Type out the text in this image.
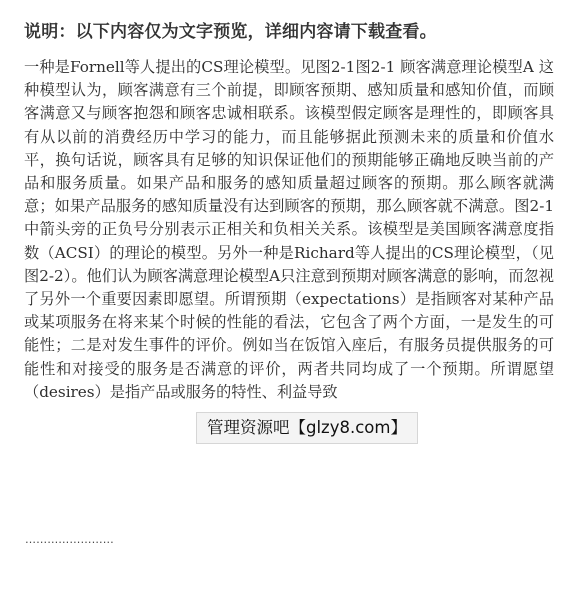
说明：以下内容仅为文字预览，详细内容请下载查看。

一种是Fornell等人提出的CS理论模型。见图2-1图2-1 顾客满意理论模型A 这种模型认为，顾客满意有三个前提，即顾客预期、感知质量和感知价值，而顾客满意又与顾客抱怨和顾客忠诚相联系。该模型假定顾客是理性的，即顾客具有从以前的消费经历中学习的能力，而且能够据此预测未来的质量和价值水平，换句话说，顾客具有足够的知识保证他们的预期能够正确地反映当前的产品和服务质量。如果产品和服务的感知质量超过顾客的预期。那么顾客就满意；如果产品服务的感知质量没有达到顾客的预期，那么顾客就不满意。图2-1中箭头旁的正负号分别表示正相关和负相关关系。该模型是美国顾客满意度指数（ACSI）的理论的模型。另外一种是Richard等人提出的CS理论模型，（见图2-2）。他们认为顾客满意理论模型A只注意到预期对顾客满意的影响，而忽视了另外一个重要因素即愿望。所谓预期（expectations）是指顾客对某种产品或某项服务在将来某个时候的性能的看法，它包含了两个方面，一是发生的可能性；二是对发生事件的评价。例如当在饭馆入座后，有服务员提供服务的可能性和对接受的服务是否满意的评价，两者共同均成了一个预期。所谓愿望（desires）是指产品或服务的特性、利益导致

……………………
管理资源吧【glzy8.com】
